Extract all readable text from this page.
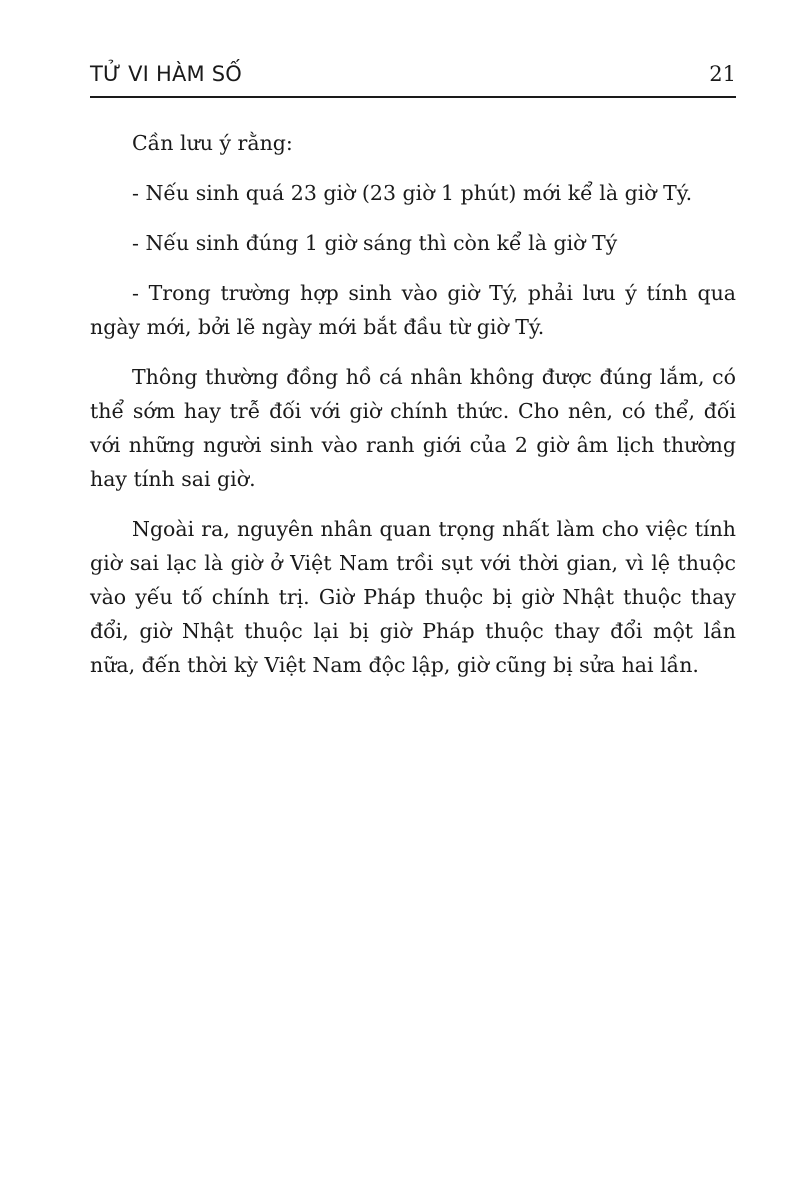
TỬ VI HÀM SỐ	21

Cần lưu ý rằng:

- Nếu sinh quá 23 giờ (23 giờ 1 phút) mới kể là giờ Tý.

- Nếu sinh đúng 1 giờ sáng thì còn kể là giờ Tý

- Trong trường hợp sinh vào giờ Tý, phải lưu ý tính qua ngày mới, bởi lẽ ngày mới bắt đầu từ giờ Tý.

Thông thường đồng hồ cá nhân không được đúng lắm, có thể sớm hay trễ đối với giờ chính thức. Cho nên, có thể, đối với những người sinh vào ranh giới của 2 giờ âm lịch thường hay tính sai giờ.

Ngoài ra, nguyên nhân quan trọng nhất làm cho việc tính giờ sai lạc là giờ ở Việt Nam trồi sụt với thời gian, vì lệ thuộc vào yếu tố chính trị. Giờ Pháp thuộc bị giờ Nhật thuộc thay đổi, giờ Nhật thuộc lại bị giờ Pháp thuộc thay đổi một lần nữa, đến thời kỳ Việt Nam độc lập, giờ cũng bị sửa hai lần.
